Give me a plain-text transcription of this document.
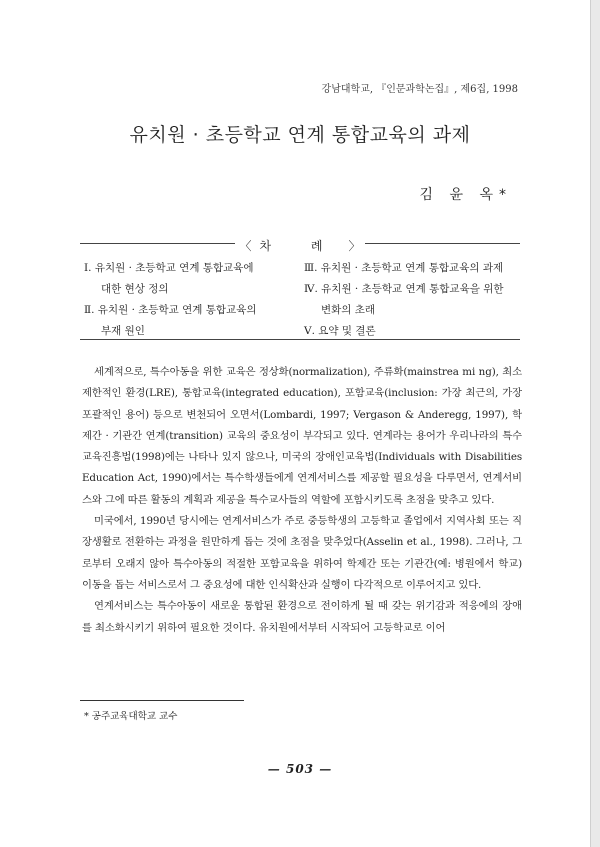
강남대학교, 『인문과학논집』, 제6집, 1998
유치원 · 초등학교 연계 통합교육의 과제
김 윤 옥*
〈 차 례 〉
Ⅰ. 유치원 · 초등학교 연계 통합교육에
대한 현상 정의
Ⅱ. 유치원 · 초등학교 연계 통합교육의
부재 원인
Ⅲ. 유치원 · 초등학교 연계 통합교육의 과제
Ⅳ. 유치원 · 초등학교 연계 통합교육을 위한
변화의 초래
Ⅴ. 요약 및 결론

세계적으로, 특수아동을 위한 교육은 정상화(normalization), 주류화(mainstrea mi ng), 최소 제한적인 환경(LRE), 통합교육(integrated education), 포함교육(inclusion: 가장 최근의, 가장 포괄적인 용어) 등으로 변천되어 오면서(Lombardi, 1997; Vergason & Anderegg, 1997), 학제간 · 기관간 연계(transition) 교육의 중요성이 부각되고 있다. 연계라는 용어가 우리나라의 특수교육진흥법(1998)에는 나타나 있지 않으나, 미국의 장애인교육법(Individuals with Disabilities Education Act, 1990)에서는 특수학생들에게 연계서비스를 제공할 필요성을 다루면서, 연계서비스와 그에 따른 활동의 계획과 제공을 특수교사들의 역할에 포함시키도록 초점을 맞추고 있다.

미국에서, 1990년 당시에는 연계서비스가 주로 중등학생의 고등학교 졸업에서 지역사회 또는 직장생활로 전환하는 과정을 원만하게 돕는 것에 초점을 맞추었다(Asselin et al., 1998). 그러나, 그로부터 오래지 않아 특수아동의 적절한 포함교육을 위하여 학제간 또는 기관간(예: 병원에서 학교) 이동을 돕는 서비스로서 그 중요성에 대한 인식확산과 실행이 다각적으로 이루어지고 있다.

연계서비스는 특수아동이 새로운 통합된 환경으로 전이하게 될 때 갖는 위기감과 적응에의 장애를 최소화시키기 위하여 필요한 것이다. 유치원에서부터 시작되어 고등학교로 이어

* 공주교육대학교 교수
— 503 —
